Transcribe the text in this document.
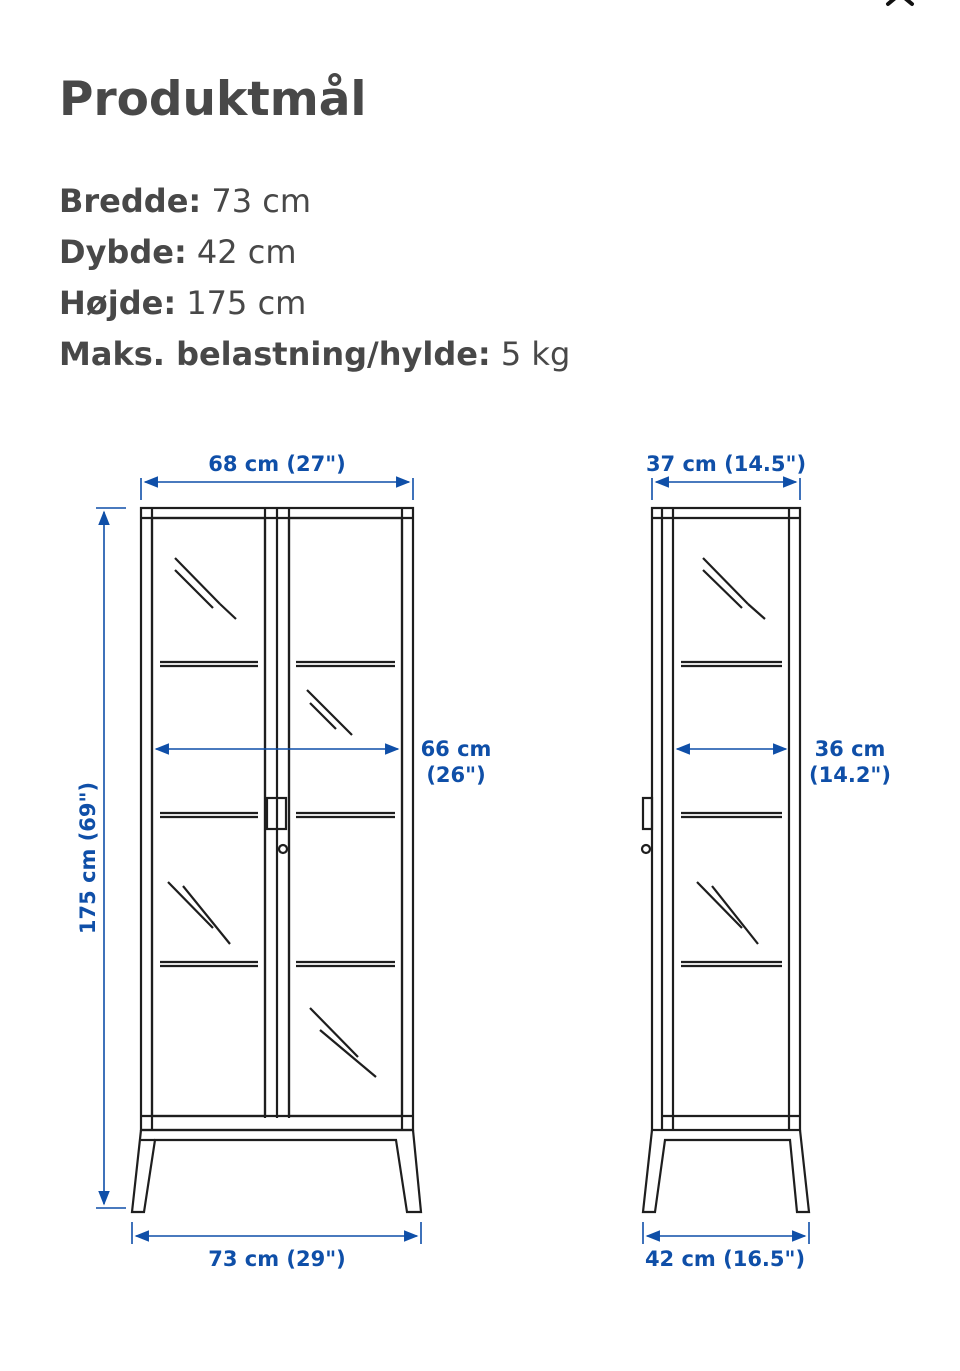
Produktmål
Bredde: 73 cm
Dybde: 42 cm
Højde: 175 cm
Maks. belastning/hylde: 5 kg
68 cm (27")
66 cm
(26")
175 cm (69")
73 cm (29")
37 cm (14.5")
36 cm
(14.2")
42 cm (16.5")
